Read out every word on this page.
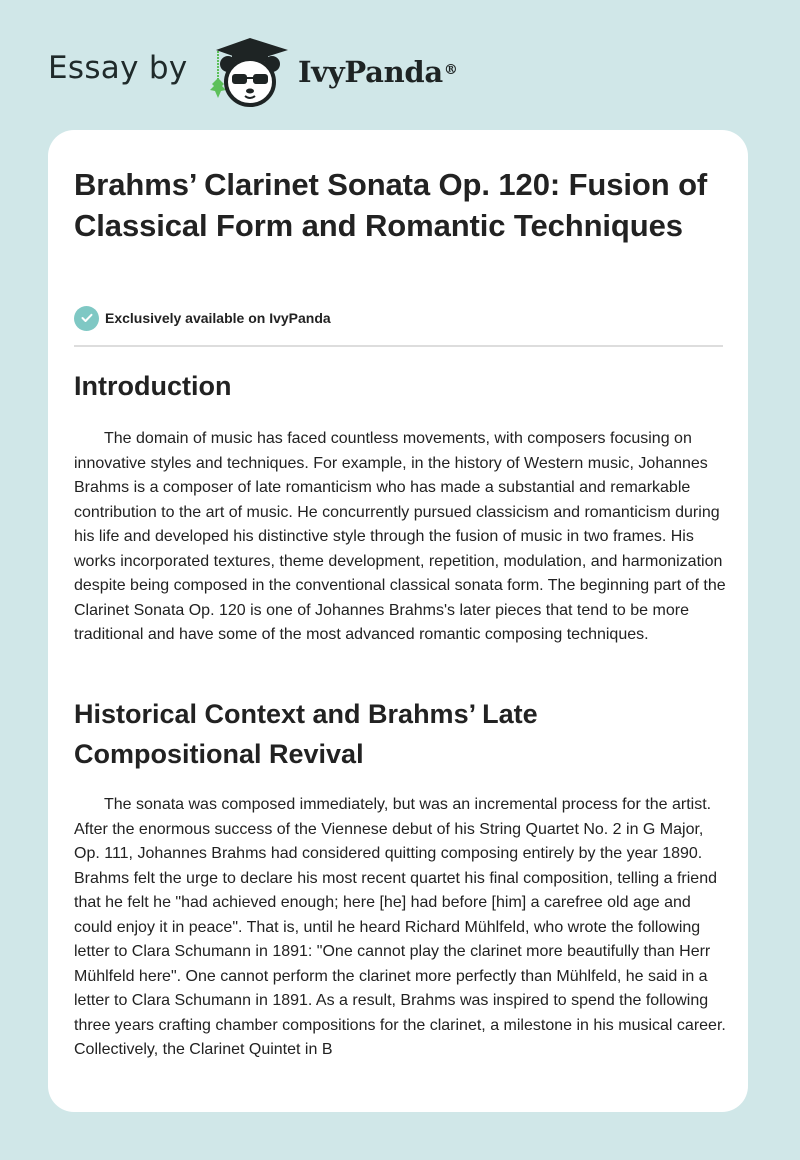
Essay by	IvyPanda®
Brahms’ Clarinet Sonata Op. 120: Fusion of Classical Form and Romantic Techniques
Exclusively available on IvyPanda
Introduction

The domain of music has faced countless movements, with composers focusing on innovative styles and techniques. For example, in the history of Western music, Johannes Brahms is a composer of late romanticism who has made a substantial and remarkable contribution to the art of music. He concurrently pursued classicism and romanticism during his life and developed his distinctive style through the fusion of music in two frames. His works incorporated textures, theme development, repetition, modulation, and harmonization despite being composed in the conventional classical sonata form. The beginning part of the Clarinet Sonata Op. 120 is one of Johannes Brahms's later pieces that tend to be more traditional and have some of the most advanced romantic composing techniques.

Historical Context and Brahms’ Late Compositional Revival

The sonata was composed immediately, but was an incremental process for the artist. After the enormous success of the Viennese debut of his String Quartet No. 2 in G Major, Op. 111, Johannes Brahms had considered quitting composing entirely by the year 1890. Brahms felt the urge to declare his most recent quartet his final composition, telling a friend that he felt he "had achieved enough; here [he] had before [him] a carefree old age and could enjoy it in peace". That is, until he heard Richard Mühlfeld, who wrote the following letter to Clara Schumann in 1891: "One cannot play the clarinet more beautifully than Herr Mühlfeld here". One cannot perform the clarinet more perfectly than Mühlfeld, he said in a letter to Clara Schumann in 1891. As a result, Brahms was inspired to spend the following three years crafting chamber compositions for the clarinet, a milestone in his musical career. Collectively, the Clarinet Quintet in B
